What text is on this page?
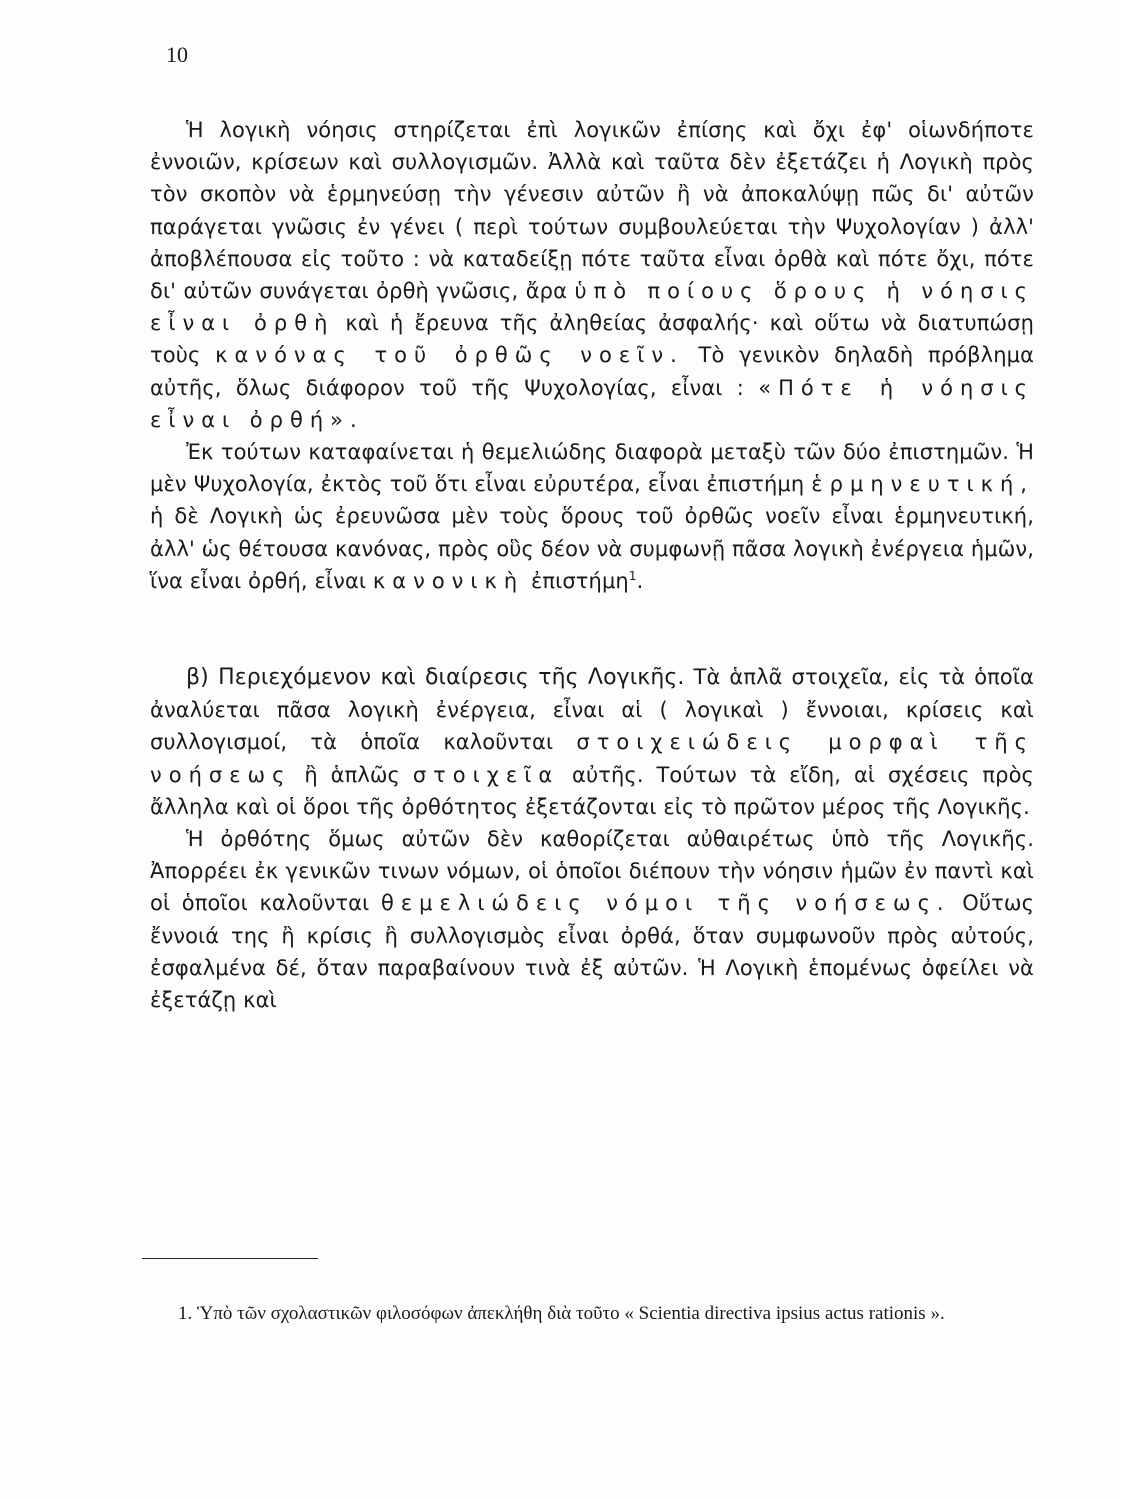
10

Ἡ λογικὴ νόησις στηρίζεται ἐπὶ λογικῶν ἐπίσης καὶ ὄχι ἐφ' οἱωνδήποτε ἐννοιῶν, κρίσεων καὶ συλλογισμῶν. Ἀλλὰ καὶ ταῦτα δὲν ἐξετάζει ἡ Λογικὴ πρὸς τὸν σκοπὸν νὰ ἑρμηνεύσῃ τὴν γένεσιν αὐτῶν ἢ νὰ ἀποκαλύψῃ πῶς δι' αὐτῶν παράγεται γνῶσις ἐν γένει ( περὶ τούτων συμβουλεύεται τὴν Ψυχολογίαν ) ἀλλ' ἀποβλέπουσα εἰς τοῦτο : νὰ καταδείξῃ πότε ταῦτα εἶναι ὀρθὰ καὶ πότε ὄχι, πότε δι' αὐτῶν συνάγεται ὀρθὴ γνῶσις, ἄρα ὑπὸ ποίους ὅρους ἡ νόησις εἶναι ὀρθὴ καὶ ἡ ἔρευνα τῆς ἀληθείας ἀσφαλής· καὶ οὕτω νὰ διατυπώσῃ τοὺς κανόνας τοῦ ὀρθῶς νοεῖν. Τὸ γενικὸν δηλαδὴ πρόβλημα αὐτῆς, ὅλως διάφορον τοῦ τῆς Ψυχολογίας, εἶναι : «Πότε ἡ νόησις εἶναι ὀρθή».

Ἐκ τούτων καταφαίνεται ἡ θεμελιώδης διαφορὰ μεταξὺ τῶν δύο ἐπιστημῶν. Ἡ μὲν Ψυχολογία, ἐκτὸς τοῦ ὅτι εἶναι εὐρυτέρα, εἶναι ἐπιστήμη ἑρμηνευτική, ἡ δὲ Λογικὴ ὡς ἐρευνῶσα μὲν τοὺς ὅρους τοῦ ὀρθῶς νοεῖν εἶναι ἑρμηνευτική, ἀλλ' ὡς θέτουσα κανόνας, πρὸς οὓς δέον νὰ συμφωνῇ πᾶσα λογικὴ ἐνέργεια ἡμῶν, ἵνα εἶναι ὀρθή, εἶναι κανονικὴ ἐπιστήμη$^1$.

β) Περιεχόμενον καὶ διαίρεσις τῆς Λογικῆς. Τὰ ἁπλᾶ στοιχεῖα, εἰς τὰ ὁποῖα ἀναλύεται πᾶσα λογικὴ ἐνέργεια, εἶναι αἱ ( λογικαὶ ) ἔννοιαι, κρίσεις καὶ συλλογισμοί, τὰ ὁποῖα καλοῦνται στοιχειώδεις μορφαὶ τῆς νοήσεως ἢ ἁπλῶς στοιχεῖα αὐτῆς. Τούτων τὰ εἴδη, αἱ σχέσεις πρὸς ἄλληλα καὶ οἱ ὅροι τῆς ὀρθότητος ἐξετάζονται εἰς τὸ πρῶτον μέρος τῆς Λογικῆς.

Ἡ ὀρθότης ὅμως αὐτῶν δὲν καθορίζεται αὐθαιρέτως ὑπὸ τῆς Λογικῆς. Ἀπορρέει ἐκ γενικῶν τινων νόμων, οἱ ὁποῖοι διέπουν τὴν νόησιν ἡμῶν ἐν παντὶ καὶ οἱ ὁποῖοι καλοῦνται θεμελιώδεις νόμοι τῆς νοήσεως. Οὕτως ἔννοιά της ἢ κρίσις ἢ συλλογισμὸς εἶναι ὀρθά, ὅταν συμφωνοῦν πρὸς αὐτούς, ἐσφαλμένα δέ, ὅταν παραβαίνουν τινὰ ἐξ αὐτῶν. Ἡ Λογικὴ ἑπομένως ὀφείλει νὰ ἐξετάζῃ καὶ

1. Ὑπὸ τῶν σχολαστικῶν φιλοσόφων ἀπεκλήθη διὰ τοῦτο « Scientia directiva ipsius actus rationis ».
